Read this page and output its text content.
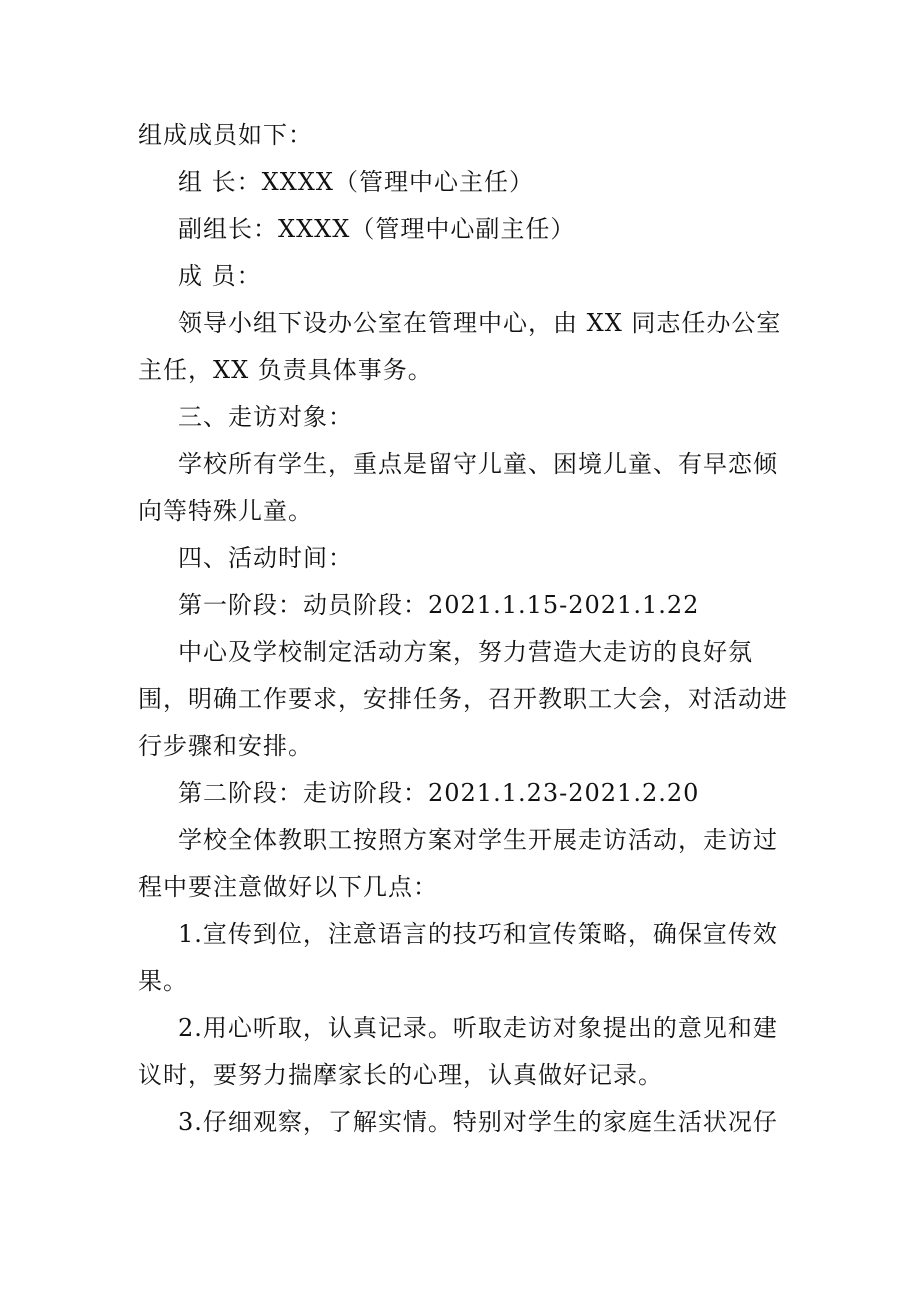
组成成员如下：

组 长：XXXX（管理中心主任）

副组长：XXXX（管理中心副主任）

成 员：

领导小组下设办公室在管理中心，由 XX 同志任办公室主任，XX 负责具体事务。

三、走访对象：

学校所有学生，重点是留守儿童、困境儿童、有早恋倾向等特殊儿童。

四、活动时间：

第一阶段：动员阶段：2021.1.15-2021.1.22

中心及学校制定活动方案，努力营造大走访的良好氛围，明确工作要求，安排任务，召开教职工大会，对活动进行步骤和安排。

第二阶段：走访阶段：2021.1.23-2021.2.20

学校全体教职工按照方案对学生开展走访活动，走访过程中要注意做好以下几点：

1.宣传到位，注意语言的技巧和宣传策略，确保宣传效果。

2.用心听取，认真记录。听取走访对象提出的意见和建议时，要努力揣摩家长的心理，认真做好记录。

3.仔细观察，了解实情。特别对学生的家庭生活状况仔
